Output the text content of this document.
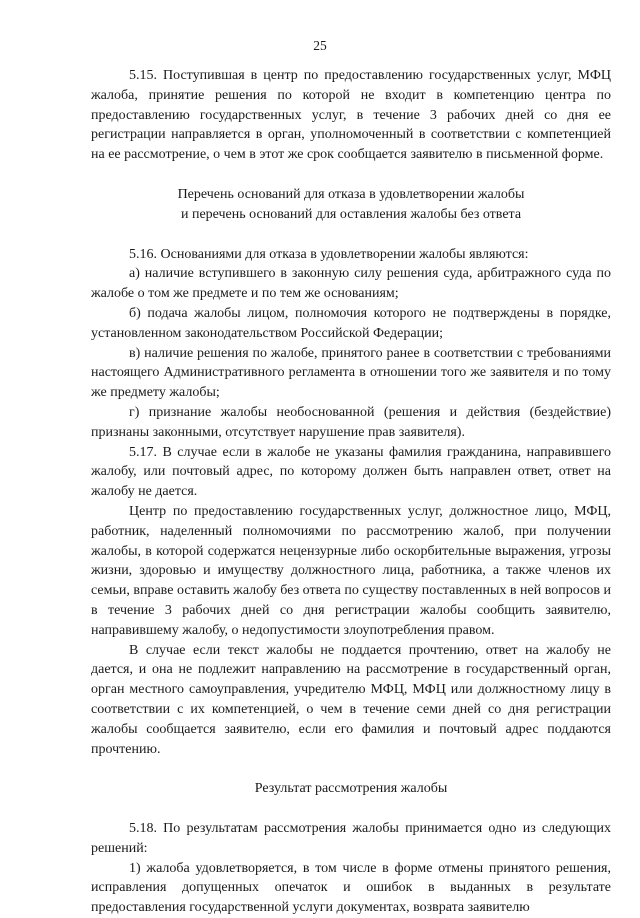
25

5.15. Поступившая в центр по предоставлению государственных услуг, МФЦ жалоба, принятие решения по которой не входит в компетенцию центра по предоставлению государственных услуг, в течение 3 рабочих дней со дня ее регистрации направляется в орган, уполномоченный в соответствии с компетенцией на ее рассмотрение, о чем в этот же срок сообщается заявителю в письменной форме.

Перечень оснований для отказа в удовлетворении жалобы
и перечень оснований для оставления жалобы без ответа

5.16. Основаниями для отказа в удовлетворении жалобы являются:

а) наличие вступившего в законную силу решения суда, арбитражного суда по жалобе о том же предмете и по тем же основаниям;

б) подача жалобы лицом, полномочия которого не подтверждены в порядке, установленном законодательством Российской Федерации;

в) наличие решения по жалобе, принятого ранее в соответствии с требованиями настоящего Административного регламента в отношении того же заявителя и по тому же предмету жалобы;

г) признание жалобы необоснованной (решения и действия (бездействие) признаны законными, отсутствует нарушение прав заявителя).

5.17. В случае если в жалобе не указаны фамилия гражданина, направившего жалобу, или почтовый адрес, по которому должен быть направлен ответ, ответ на жалобу не дается.

Центр по предоставлению государственных услуг, должностное лицо, МФЦ, работник, наделенный полномочиями по рассмотрению жалоб, при получении жалобы, в которой содержатся нецензурные либо оскорбительные выражения, угрозы жизни, здоровью и имуществу должностного лица, работника, а также членов их семьи, вправе оставить жалобу без ответа по существу поставленных в ней вопросов и в течение 3 рабочих дней со дня регистрации жалобы сообщить заявителю, направившему жалобу, о недопустимости злоупотребления правом.

В случае если текст жалобы не поддается прочтению, ответ на жалобу не дается, и она не подлежит направлению на рассмотрение в государственный орган, орган местного самоуправления, учредителю МФЦ, МФЦ или должностному лицу в соответствии с их компетенцией, о чем в течение семи дней со дня регистрации жалобы сообщается заявителю, если его фамилия и почтовый адрес поддаются прочтению.

Результат рассмотрения жалобы

5.18. По результатам рассмотрения жалобы принимается одно из следующих решений:

1) жалоба удовлетворяется, в том числе в форме отмены принятого решения, исправления допущенных опечаток и ошибок в выданных в результате предоставления государственной услуги документах, возврата заявителю
